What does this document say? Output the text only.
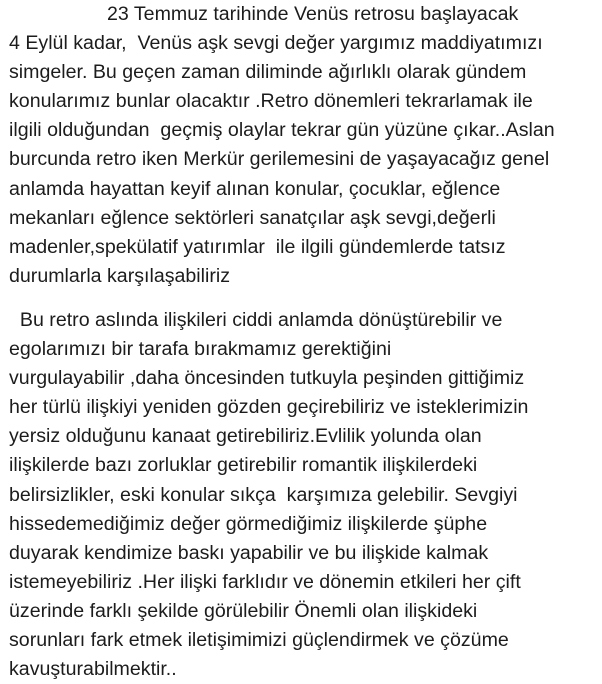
23 Temmuz tarihinde Venüs retrosu başlayacak
4 Eylül kadar,  Venüs aşk sevgi değer yargımız maddiyatımızı
simgeler. Bu geçen zaman diliminde ağırlıklı olarak gündem
konularımız bunlar olacaktır .Retro dönemleri tekrarlamak ile
ilgili olduğundan  geçmiş olaylar tekrar gün yüzüne çıkar..Aslan
burcunda retro iken Merkür gerilemesini de yaşayacağız genel
anlamda hayattan keyif alınan konular, çocuklar, eğlence
mekanları eğlence sektörleri sanatçılar aşk sevgi,değerli
madenler,spekülatif yatırımlar  ile ilgili gündemlerde tatsız
durumlarla karşılaşabiliriz
Bu retro aslında ilişkileri ciddi anlamda dönüştürebilir ve
egolarımızı bir tarafa bırakmamız gerektiğini
vurgulayabilir ,daha öncesinden tutkuyla peşinden gittiğimiz
her türlü ilişkiyi yeniden gözden geçirebiliriz ve isteklerimizin
yersiz olduğunu kanaat getirebiliriz.Evlilik yolunda olan
ilişkilerde bazı zorluklar getirebilir romantik ilişkilerdeki
belirsizlikler, eski konular sıkça  karşımıza gelebilir. Sevgiyi
hissedemediğimiz değer görmediğimiz ilişkilerde şüphe
duyarak kendimize baskı yapabilir ve bu ilişkide kalmak
istemeyebiliriz .Her ilişki farklıdır ve dönemin etkileri her çift
üzerinde farklı şekilde görülebilir Önemli olan ilişkideki
sorunları fark etmek iletişimimizi güçlendirmek ve çözüme
kavuşturabilmektir..
